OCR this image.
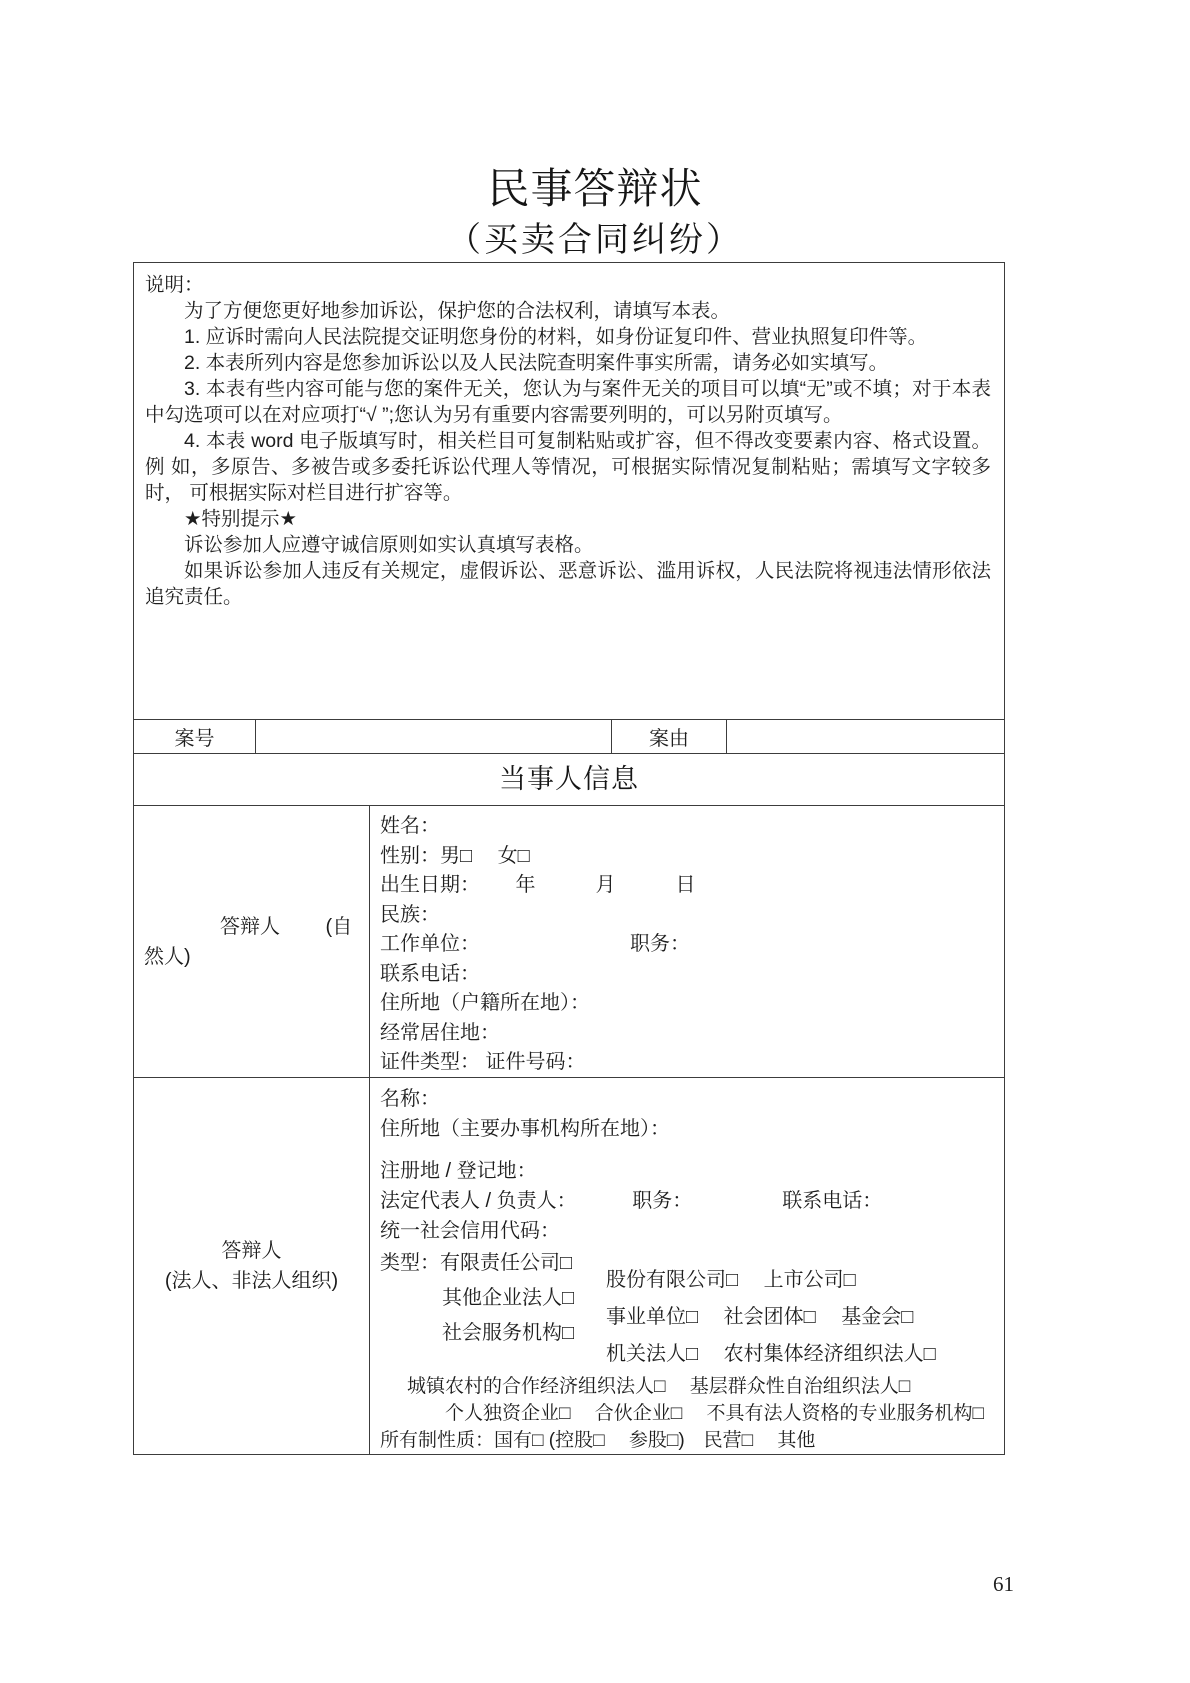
民事答辩状
（买卖合同纠纷）

说明：

为了方便您更好地参加诉讼，保护您的合法权利，请填写本表。

1. 应诉时需向人民法院提交证明您身份的材料，如身份证复印件、营业执照复印件等。

2. 本表所列内容是您参加诉讼以及人民法院查明案件事实所需，请务必如实填写。

3. 本表有些内容可能与您的案件无关，您认为与案件无关的项目可以填“无”或不填；对于本表中勾选项可以在对应项打“√ ”;您认为另有重要内容需要列明的，可以另附页填写。

4. 本表 word 电子版填写时，相关栏目可复制粘贴或扩容，但不得改变要素内容、格式设置。例 如，多原告、多被告或多委托诉讼代理人等情况，可根据实际情况复制粘贴；需填写文字较多时， 可根据实际对栏目进行扩容等。

★特别提示★

诉讼参加人应遵守诚信原则如实认真填写表格。

如果诉讼参加人违反有关规定，虚假诉讼、恶意诉讼、滥用诉权，人民法院将视违法情形依法追究责任。

案号	案由
当事人信息
答辩人　　 (自
然人)
姓名：
性别：男□　 女□
出生日期：　　 年　　　月　　　日
民族：
工作单位：　　　　　　　　职务：
联系电话：
住所地（户籍所在地）：
经常居住地：
证件类型： 证件号码：
答辩人
(法人、非法人组织)
名称：
住所地（主要办事机构所在地）：
注册地 / 登记地：
法定代表人 / 负责人：　　　 职务：　　　　　联系电话：
统一社会信用代码：
类型：有限责任公司□
其他企业法人□
社会服务机构□
股份有限公司□　 上市公司□
事业单位□　 社会团体□　 基金会□
机关法人□　 农村集体经济组织法人□
城镇农村的合作经济组织法人□　 基层群众性自治组织法人□
个人独资企业□　 合伙企业□　 不具有法人资格的专业服务机构□
所有制性质：国有□ (控股□　 参股□)　民营□　 其他
61
